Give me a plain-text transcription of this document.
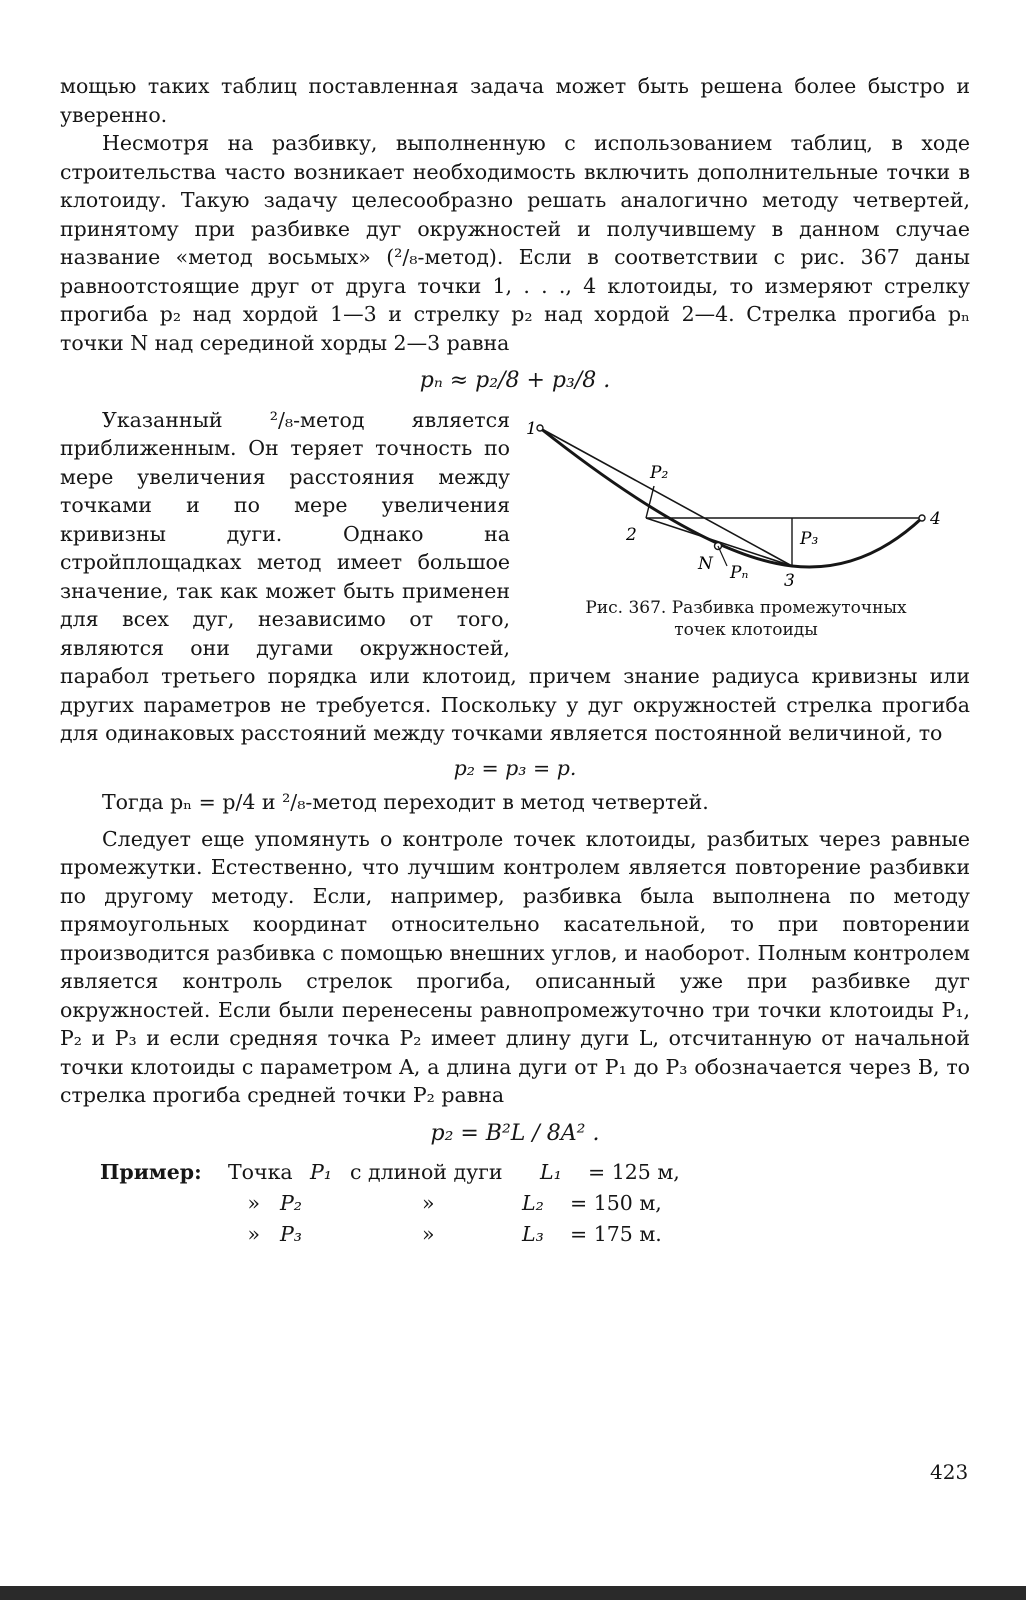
мощью таких таблиц поставленная задача может быть решена более быстро и уверенно.

Несмотря на разбивку, выполненную с использованием таблиц, в ходе строительства часто возникает необходимость включить дополнительные точки в клотоиду. Такую задачу целесообразно решать аналогично методу четвертей, принятому при разбивке дуг окружностей и получившему в данном случае название «метод восьмых» (²/₈-метод). Если в соответствии с рис. 367 даны равноотстоящие друг от друга точки 1, . . ., 4 клотоиды, то измеряют стрелку прогиба p₂ над хордой 1—3 и стрелку p₂ над хордой 2—4. Стрелка прогиба pₙ точки N над серединой хорды 2—3 равна

pₙ ≈ p₂/8 + p₃/8 .
1
2
3
4
N
P₂
P₃
Pₙ
Рис. 367. Разбивка промежуточных
точек клотоиды

Указанный ²/₈-метод является приближенным. Он теряет точность по мере увеличения расстояния между точками и по мере увеличения кривизны дуги. Однако на стройплощадках метод имеет большое значение, так как может быть применен для всех дуг, независимо от того, являются они дугами окружностей, парабол третьего порядка или клотоид, причем знание радиуса кривизны или других параметров не требуется. Поскольку у дуг окружностей стрелка прогиба для одинаковых расстояний между точками является постоянной величиной, то

p₂ = p₃ = p.

Тогда pₙ = p/4 и ²/₈-метод переходит в метод четвертей.

Следует еще упомянуть о контроле точек клотоиды, разбитых через равные промежутки. Естественно, что лучшим контролем является повторение разбивки по другому методу. Если, например, разбивка была выполнена по методу прямоугольных координат относительно касательной, то при повторении производится разбивка с помощью внешних углов, и наоборот. Полным контролем является контроль стрелок прогиба, описанный уже при разбивке дуг окружностей. Если были перенесены равнопромежуточно три точки клотоиды P₁, P₂ и P₃ и если средняя точка P₂ имеет длину дуги L, отсчитанную от начальной точки клотоиды с параметром A, а длина дуги от P₁ до P₃ обозначается через B, то стрелка прогиба средней точки P₂ равна

p₂ = B²L / 8A² .
Пример:	Точка P₁ с длиной дуги	L₁	= 125 м,
» P₂	»	L₂	= 150 м,
» P₃	»	L₃	= 175 м.
423
